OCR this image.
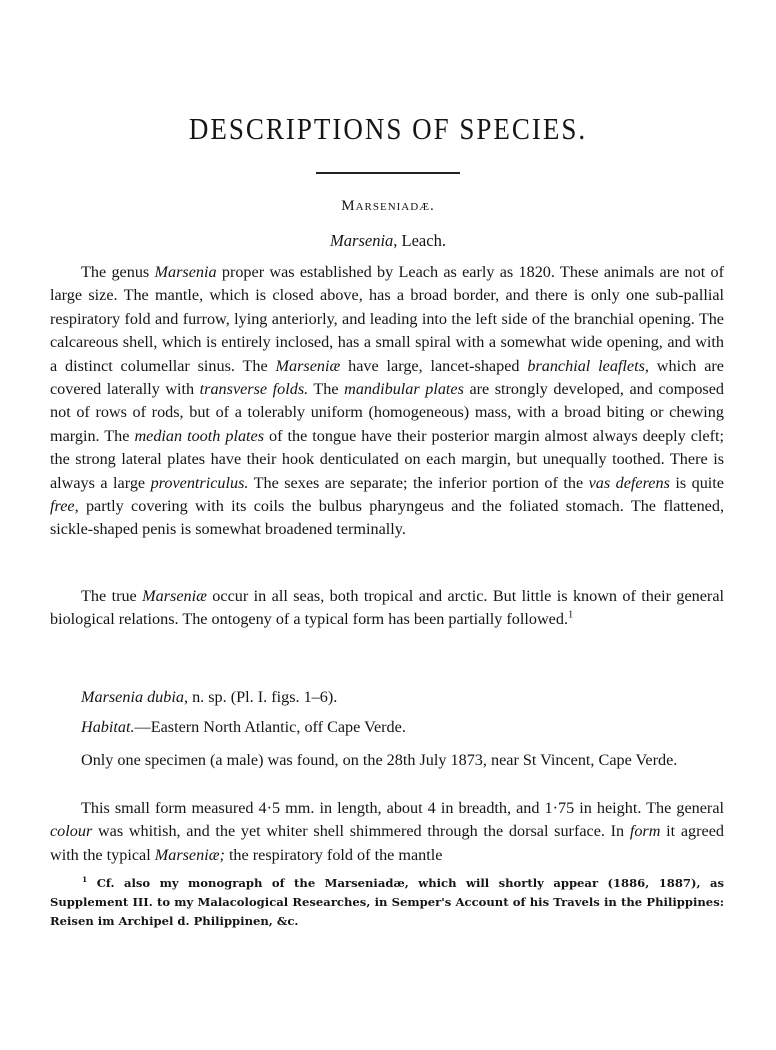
DESCRIPTIONS OF SPECIES.
Marseniadæ.
Marsenia, Leach.

The genus Marsenia proper was established by Leach as early as 1820. These animals are not of large size. The mantle, which is closed above, has a broad border, and there is only one sub-pallial respiratory fold and furrow, lying anteriorly, and leading into the left side of the branchial opening. The calcareous shell, which is entirely inclosed, has a small spiral with a somewhat wide opening, and with a distinct columellar sinus. The Marseniæ have large, lancet-shaped branchial leaflets, which are covered laterally with transverse folds. The mandibular plates are strongly developed, and composed not of rows of rods, but of a tolerably uniform (homogeneous) mass, with a broad biting or chewing margin. The median tooth plates of the tongue have their posterior margin almost always deeply cleft; the strong lateral plates have their hook denticulated on each margin, but unequally toothed. There is always a large proventriculus. The sexes are separate; the inferior portion of the vas deferens is quite free, partly covering with its coils the bulbus pharyngeus and the foliated stomach. The flattened, sickle-shaped penis is somewhat broadened terminally.

The true Marseniæ occur in all seas, both tropical and arctic. But little is known of their general biological relations. The ontogeny of a typical form has been partially followed.$^1$

Marsenia dubia, n. sp. (Pl. I. figs. 1–6).
Habitat.—Eastern North Atlantic, off Cape Verde.

Only one specimen (a male) was found, on the 28th July 1873, near St Vincent, Cape Verde.

This small form measured 4·5 mm. in length, about 4 in breadth, and 1·75 in height. The general colour was whitish, and the yet whiter shell shimmered through the dorsal surface. In form it agreed with the typical Marseniæ; the respiratory fold of the mantle

$^1$ Cf. also my monograph of the Marseniadæ, which will shortly appear (1886, 1887), as Supplement III. to my Malacological Researches, in Semper's Account of his Travels in the Philippines: Reisen im Archipel d. Philippinen, &c.
